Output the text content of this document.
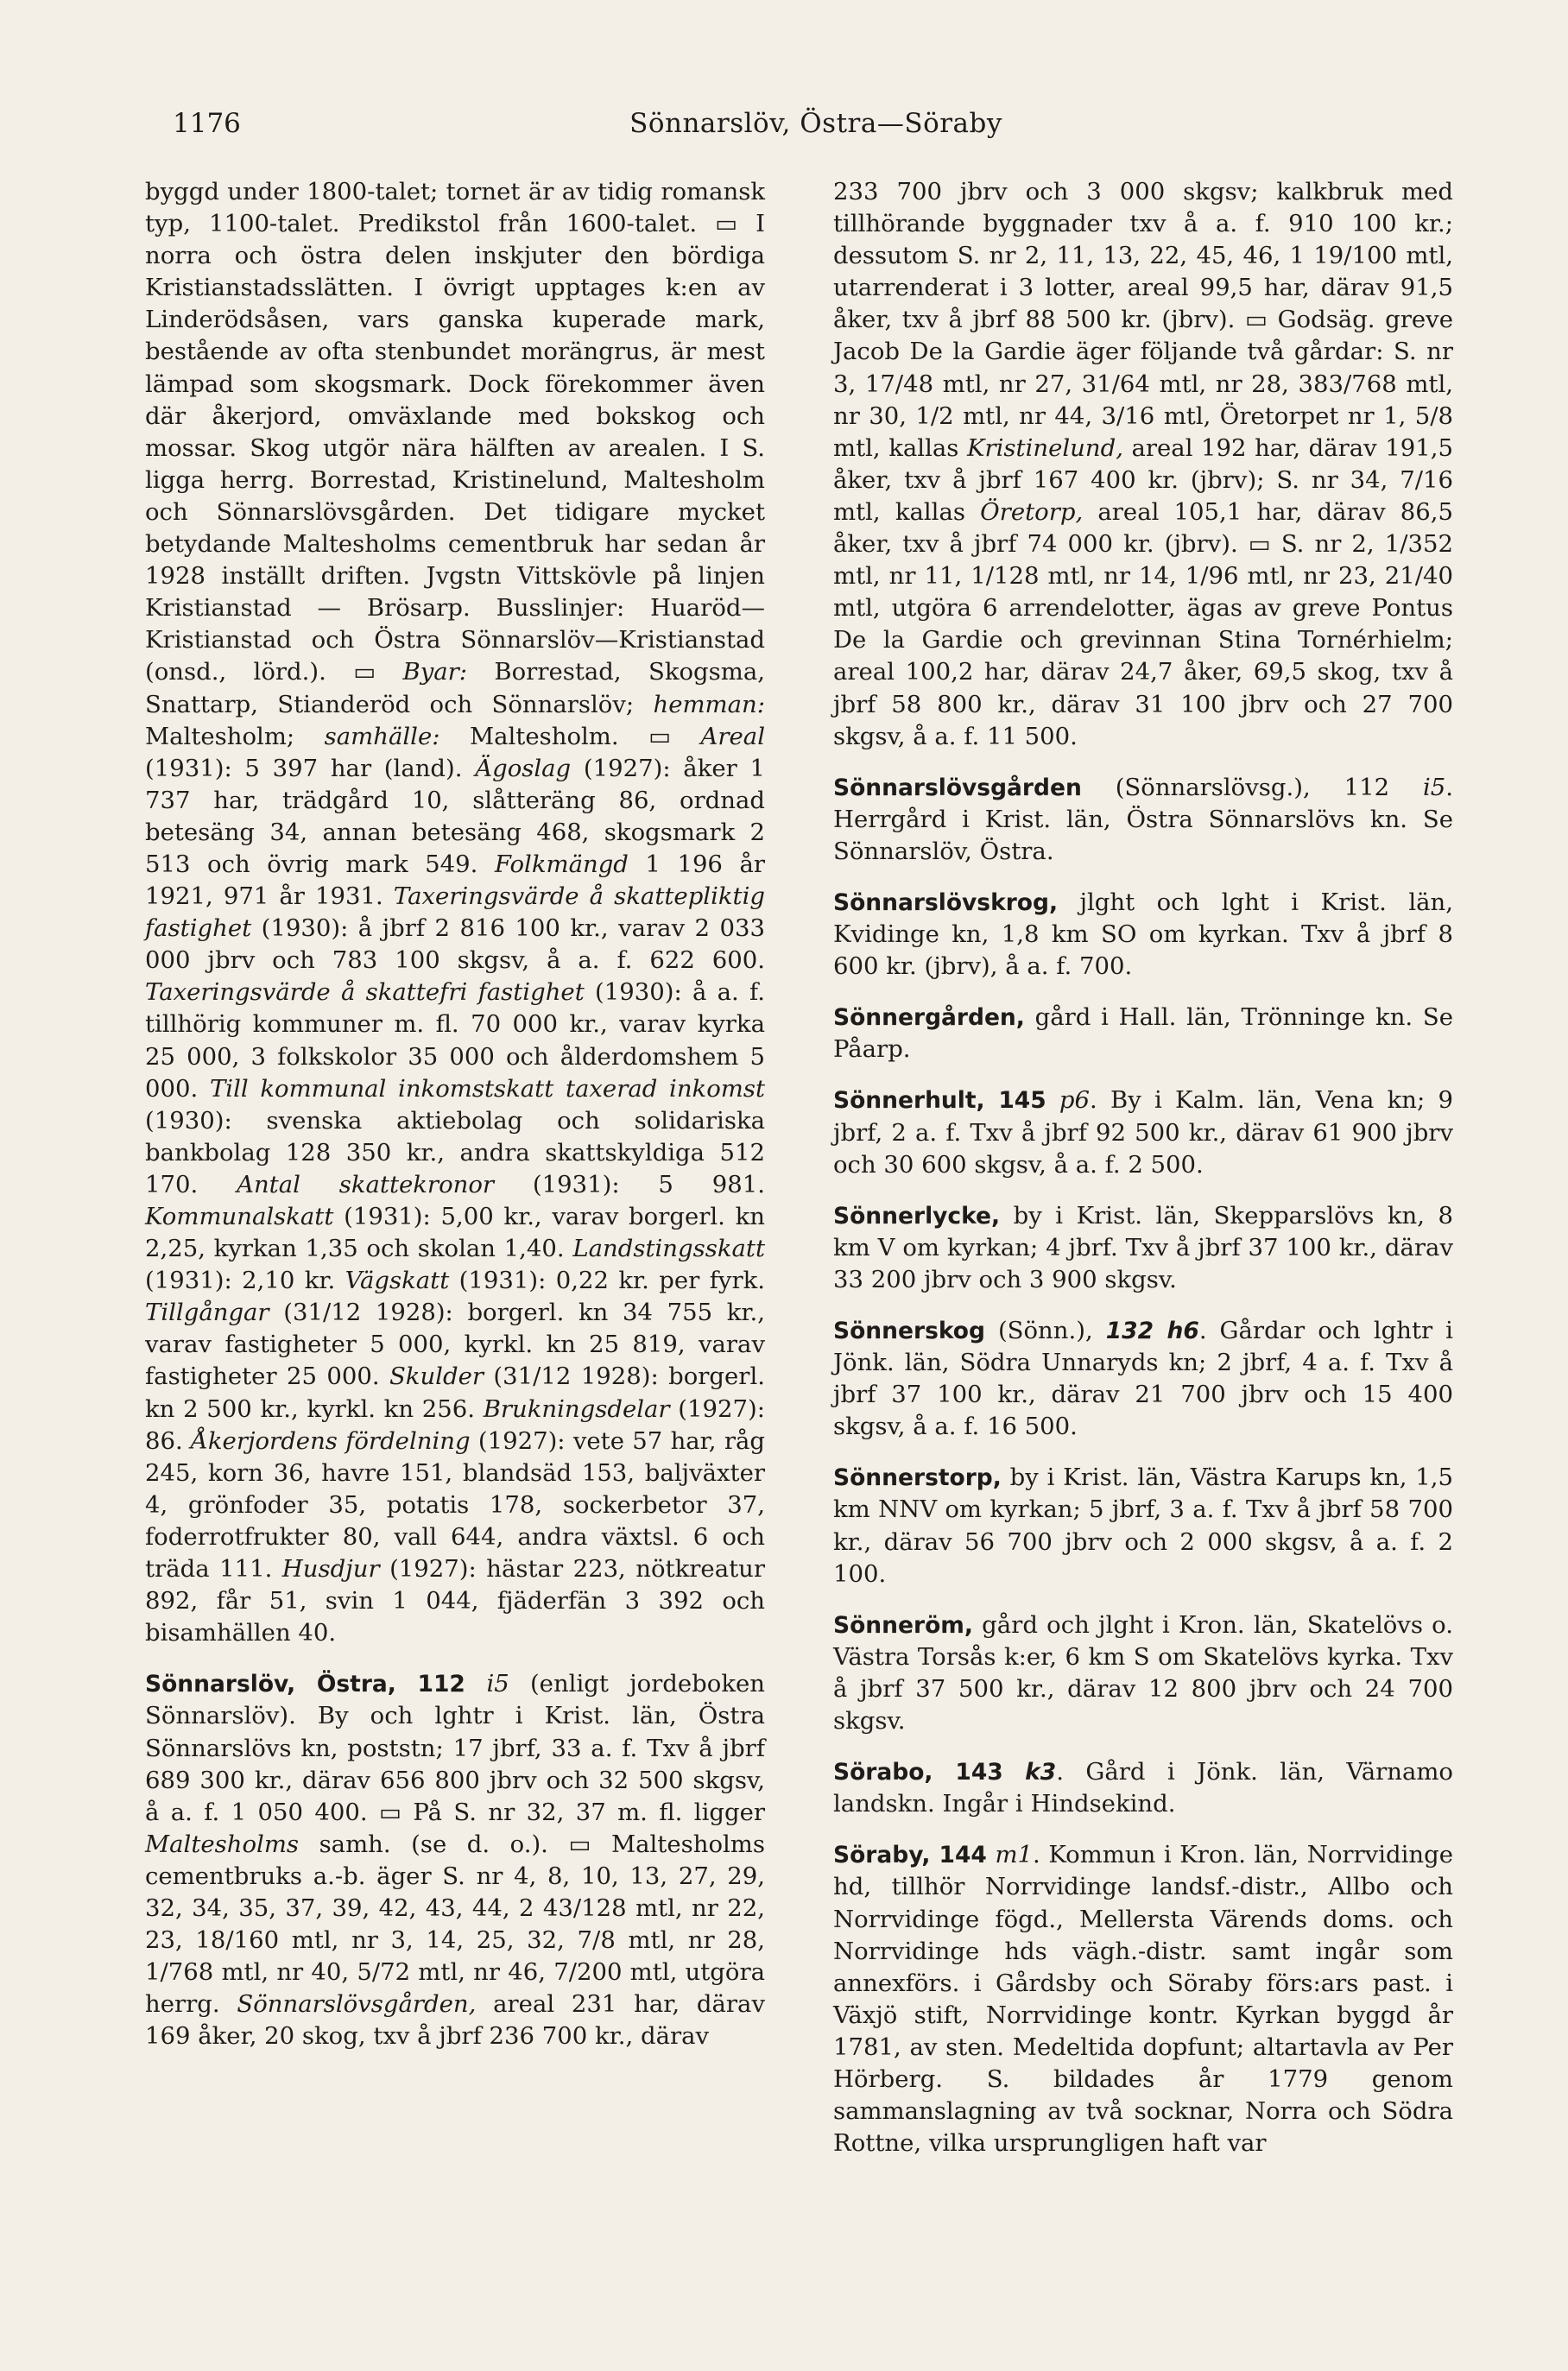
1176	Sönnarslöv, Östra—Söraby

byggd under 1800-talet; tornet är av tidig romansk typ, 1100-talet. Predikstol från 1600-talet. ▭ I norra och östra delen inskjuter den bördiga Kristianstadsslätten. I övrigt upptages k:en av Linderödsåsen, vars ganska kuperade mark, bestående av ofta stenbundet morängrus, är mest lämpad som skogsmark. Dock förekommer även där åkerjord, omväxlande med bokskog och mossar. Skog utgör nära hälften av arealen. I S. ligga herrg. Borrestad, Kristinelund, Maltesholm och Sönnarslövsgården. Det tidigare mycket betydande Maltesholms cementbruk har sedan år 1928 inställt driften. Jvgstn Vittskövle på linjen Kristianstad — Brösarp. Busslinjer: Huaröd—Kristianstad och Östra Sönnarslöv—Kristianstad (onsd., lörd.). ▭ Byar: Borrestad, Skogsma, Snattarp, Stianderöd och Sönnarslöv; hemman: Maltesholm; samhälle: Maltesholm. ▭ Areal (1931): 5 397 har (land). Ägoslag (1927): åker 1 737 har, trädgård 10, slåtteräng 86, ordnad betesäng 34, annan betesäng 468, skogsmark 2 513 och övrig mark 549. Folkmängd 1 196 år 1921, 971 år 1931. Taxeringsvärde å skattepliktig fastighet (1930): å jbrf 2 816 100 kr., varav 2 033 000 jbrv och 783 100 skgsv, å a. f. 622 600. Taxeringsvärde å skattefri fastighet (1930): å a. f. tillhörig kommuner m. fl. 70 000 kr., varav kyrka 25 000, 3 folkskolor 35 000 och ålderdomshem 5 000. Till kommunal inkomstskatt taxerad inkomst (1930): svenska aktiebolag och solidariska bankbolag 128 350 kr., andra skattskyldiga 512 170. Antal skattekronor (1931): 5 981. Kommunalskatt (1931): 5,00 kr., varav borgerl. kn 2,25, kyrkan 1,35 och skolan 1,40. Landstingsskatt (1931): 2,10 kr. Vägskatt (1931): 0,22 kr. per fyrk. Tillgångar (31/12 1928): borgerl. kn 34 755 kr., varav fastigheter 5 000, kyrkl. kn 25 819, varav fastigheter 25 000. Skulder (31/12 1928): borgerl. kn 2 500 kr., kyrkl. kn 256. Brukningsdelar (1927): 86. Åkerjordens fördelning (1927): vete 57 har, råg 245, korn 36, havre 151, blandsäd 153, baljväxter 4, grönfoder 35, potatis 178, sockerbetor 37, foderrotfrukter 80, vall 644, andra växtsl. 6 och träda 111. Husdjur (1927): hästar 223, nötkreatur 892, får 51, svin 1 044, fjäderfän 3 392 och bisamhällen 40.

Sönnarslöv, Östra, 112 i5 (enligt jordeboken Sönnarslöv). By och lghtr i Krist. län, Östra Sönnarslövs kn, poststn; 17 jbrf, 33 a. f. Txv å jbrf 689 300 kr., därav 656 800 jbrv och 32 500 skgsv, å a. f. 1 050 400. ▭ På S. nr 32, 37 m. fl. ligger Maltesholms samh. (se d. o.). ▭ Maltesholms cementbruks a.-b. äger S. nr 4, 8, 10, 13, 27, 29, 32, 34, 35, 37, 39, 42, 43, 44, 2 43/128 mtl, nr 22, 23, 18/160 mtl, nr 3, 14, 25, 32, 7/8 mtl, nr 28, 1/768 mtl, nr 40, 5/72 mtl, nr 46, 7/200 mtl, utgöra herrg. Sönnarslövsgården, areal 231 har, därav 169 åker, 20 skog, txv å jbrf 236 700 kr., därav

233 700 jbrv och 3 000 skgsv; kalkbruk med tillhörande byggnader txv å a. f. 910 100 kr.; dessutom S. nr 2, 11, 13, 22, 45, 46, 1 19/100 mtl, utarrenderat i 3 lotter, areal 99,5 har, därav 91,5 åker, txv å jbrf 88 500 kr. (jbrv). ▭ Godsäg. greve Jacob De la Gardie äger följande två gårdar: S. nr 3, 17/48 mtl, nr 27, 31/64 mtl, nr 28, 383/768 mtl, nr 30, 1/2 mtl, nr 44, 3/16 mtl, Öretorpet nr 1, 5/8 mtl, kallas Kristinelund, areal 192 har, därav 191,5 åker, txv å jbrf 167 400 kr. (jbrv); S. nr 34, 7/16 mtl, kallas Öretorp, areal 105,1 har, därav 86,5 åker, txv å jbrf 74 000 kr. (jbrv). ▭ S. nr 2, 1/352 mtl, nr 11, 1/128 mtl, nr 14, 1/96 mtl, nr 23, 21/40 mtl, utgöra 6 arrendelotter, ägas av greve Pontus De la Gardie och grevinnan Stina Tornérhielm; areal 100,2 har, därav 24,7 åker, 69,5 skog, txv å jbrf 58 800 kr., därav 31 100 jbrv och 27 700 skgsv, å a. f. 11 500.

Sönnarslövsgården (Sönnarslövsg.), 112 i5. Herrgård i Krist. län, Östra Sönnarslövs kn. Se Sönnarslöv, Östra.

Sönnarslövskrog, jlght och lght i Krist. län, Kvidinge kn, 1,8 km SO om kyrkan. Txv å jbrf 8 600 kr. (jbrv), å a. f. 700.

Sönnergården, gård i Hall. län, Trönninge kn. Se Påarp.

Sönnerhult, 145 p6. By i Kalm. län, Vena kn; 9 jbrf, 2 a. f. Txv å jbrf 92 500 kr., därav 61 900 jbrv och 30 600 skgsv, å a. f. 2 500.

Sönnerlycke, by i Krist. län, Skepparslövs kn, 8 km V om kyrkan; 4 jbrf. Txv å jbrf 37 100 kr., därav 33 200 jbrv och 3 900 skgsv.

Sönnerskog (Sönn.), 132 h6. Gårdar och lghtr i Jönk. län, Södra Unnaryds kn; 2 jbrf, 4 a. f. Txv å jbrf 37 100 kr., därav 21 700 jbrv och 15 400 skgsv, å a. f. 16 500.

Sönnerstorp, by i Krist. län, Västra Karups kn, 1,5 km NNV om kyrkan; 5 jbrf, 3 a. f. Txv å jbrf 58 700 kr., därav 56 700 jbrv och 2 000 skgsv, å a. f. 2 100.

Sönneröm, gård och jlght i Kron. län, Skatelövs o. Västra Torsås k:er, 6 km S om Skatelövs kyrka. Txv å jbrf 37 500 kr., därav 12 800 jbrv och 24 700 skgsv.

Sörabo, 143 k3. Gård i Jönk. län, Värnamo landskn. Ingår i Hindsekind.

Söraby, 144 m1. Kommun i Kron. län, Norrvidinge hd, tillhör Norrvidinge landsf.-distr., Allbo och Norrvidinge fögd., Mellersta Värends doms. och Norrvidinge hds vägh.-distr. samt ingår som annexförs. i Gårdsby och Söraby förs:ars past. i Växjö stift, Norrvidinge kontr. Kyrkan byggd år 1781, av sten. Medeltida dopfunt; altartavla av Per Hörberg. S. bildades år 1779 genom sammanslagning av två socknar, Norra och Södra Rottne, vilka ursprungligen haft var
